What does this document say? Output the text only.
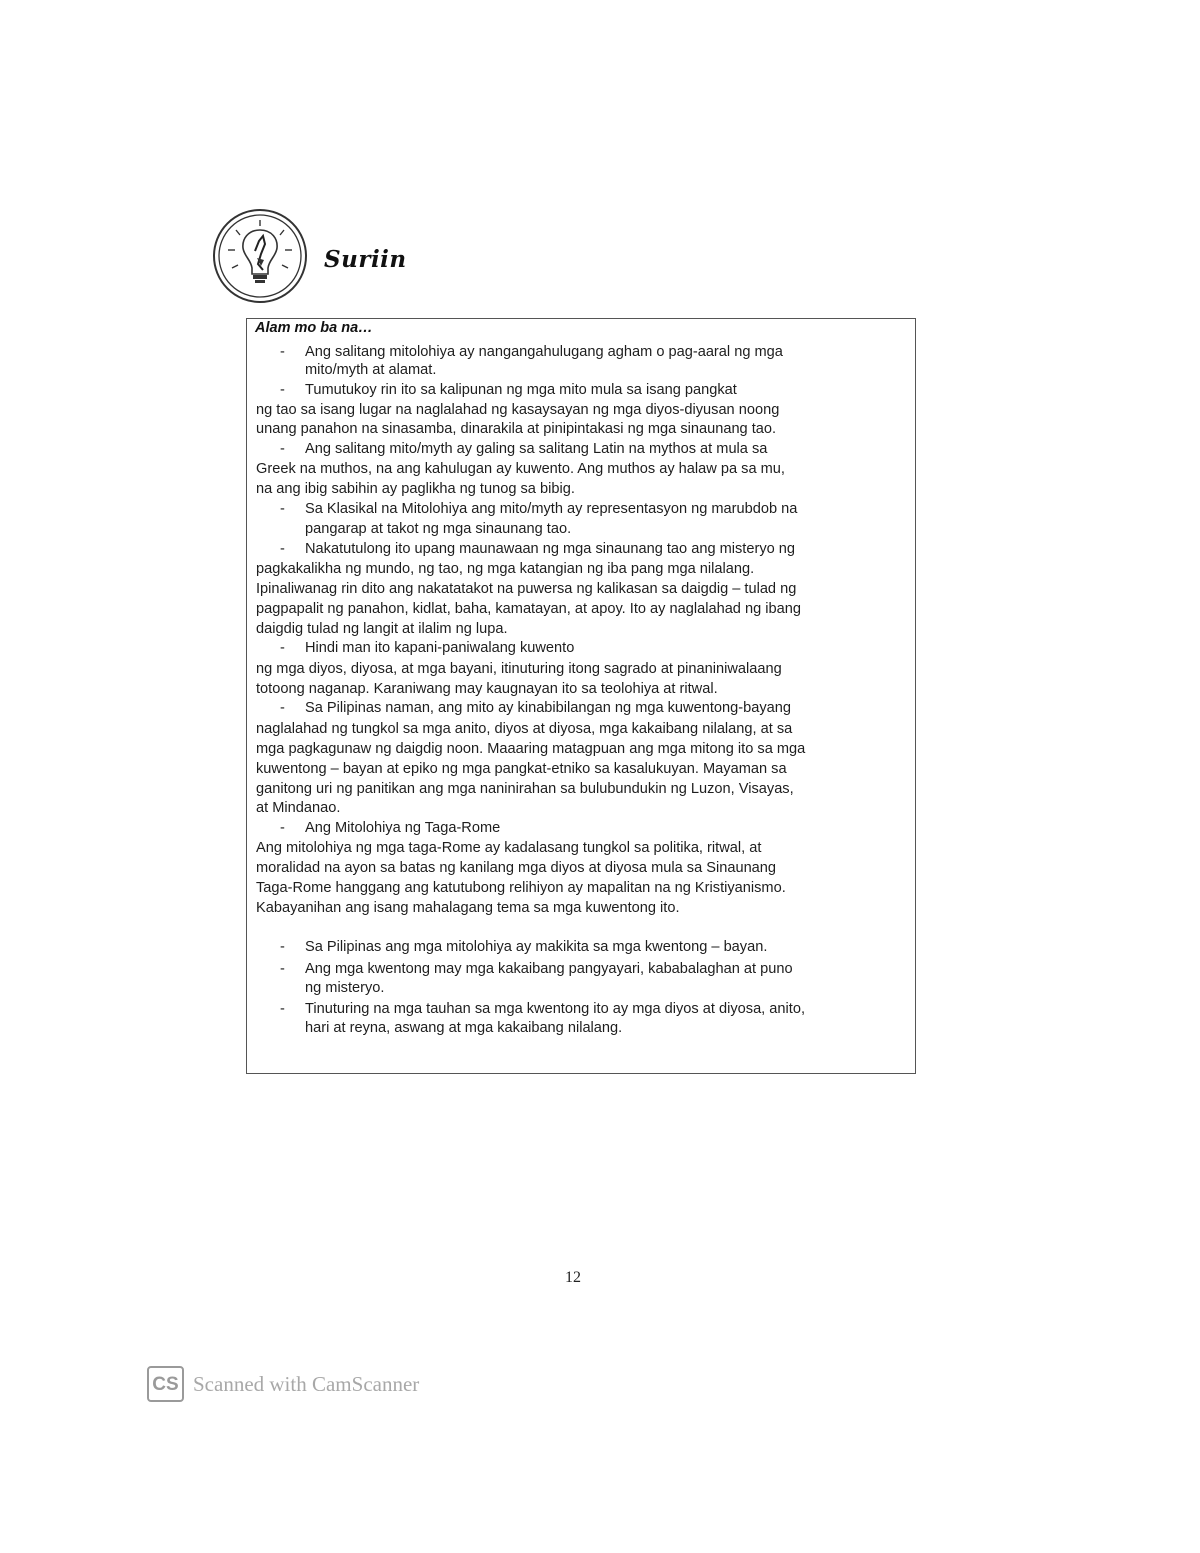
Suriin
Alam mo ba na…
- Ang salitang mitolohiya ay nangangahulugang agham o pag-aaral ng mga
mito/myth at alamat.
- Tumutukoy rin ito sa kalipunan ng mga mito mula sa isang pangkat
ng tao sa isang lugar na naglalahad ng kasaysayan ng mga diyos-diyusan noong
unang panahon na sinasamba, dinarakila at pinipintakasi ng mga sinaunang tao.
- Ang salitang mito/myth ay galing sa salitang Latin na mythos at mula sa
Greek na muthos, na ang kahulugan ay kuwento. Ang muthos ay halaw pa sa mu,
na ang ibig sabihin ay paglikha ng tunog sa bibig.
- Sa Klasikal na Mitolohiya ang mito/myth ay representasyon ng marubdob na
pangarap at takot ng mga sinaunang tao.
- Nakatutulong ito upang maunawaan ng mga sinaunang tao ang misteryo ng
pagkakalikha ng mundo, ng tao, ng mga katangian ng iba pang mga nilalang.
Ipinaliwanag rin dito ang nakatatakot na puwersa ng kalikasan sa daigdig – tulad ng
pagpapalit ng panahon, kidlat, baha, kamatayan, at apoy. Ito ay naglalahad ng ibang
daigdig tulad ng langit at ilalim ng lupa.
- Hindi man ito kapani-paniwalang kuwento
ng mga diyos, diyosa, at mga bayani, itinuturing itong sagrado at pinaniniwalaang
totoong naganap. Karaniwang may kaugnayan ito sa teolohiya at ritwal.
- Sa Pilipinas naman, ang mito ay kinabibilangan ng mga kuwentong-bayang
naglalahad ng tungkol sa mga anito, diyos at diyosa, mga kakaibang nilalang, at sa
mga pagkagunaw ng daigdig noon. Maaaring matagpuan ang mga mitong ito sa mga
kuwentong – bayan at epiko ng mga pangkat-etniko sa kasalukuyan. Mayaman sa
ganitong uri ng panitikan ang mga naninirahan sa bulubundukin ng Luzon, Visayas,
at Mindanao.
- Ang Mitolohiya ng Taga-Rome
Ang mitolohiya ng mga taga-Rome ay kadalasang tungkol sa politika, ritwal, at
moralidad na ayon sa batas ng kanilang mga diyos at diyosa mula sa Sinaunang
Taga-Rome hanggang ang katutubong relihiyon ay mapalitan na ng Kristiyanismo.
Kabayanihan ang isang mahalagang tema sa mga kuwentong ito.
- Sa Pilipinas ang mga mitolohiya ay makikita sa mga kwentong – bayan.
- Ang mga kwentong may mga kakaibang pangyayari, kababalaghan at puno
ng misteryo.
- Tinuturing na mga tauhan sa mga kwentong ito ay mga diyos at diyosa, anito,
hari at reyna, aswang at mga kakaibang nilalang.
12
CS Scanned with CamScanner
